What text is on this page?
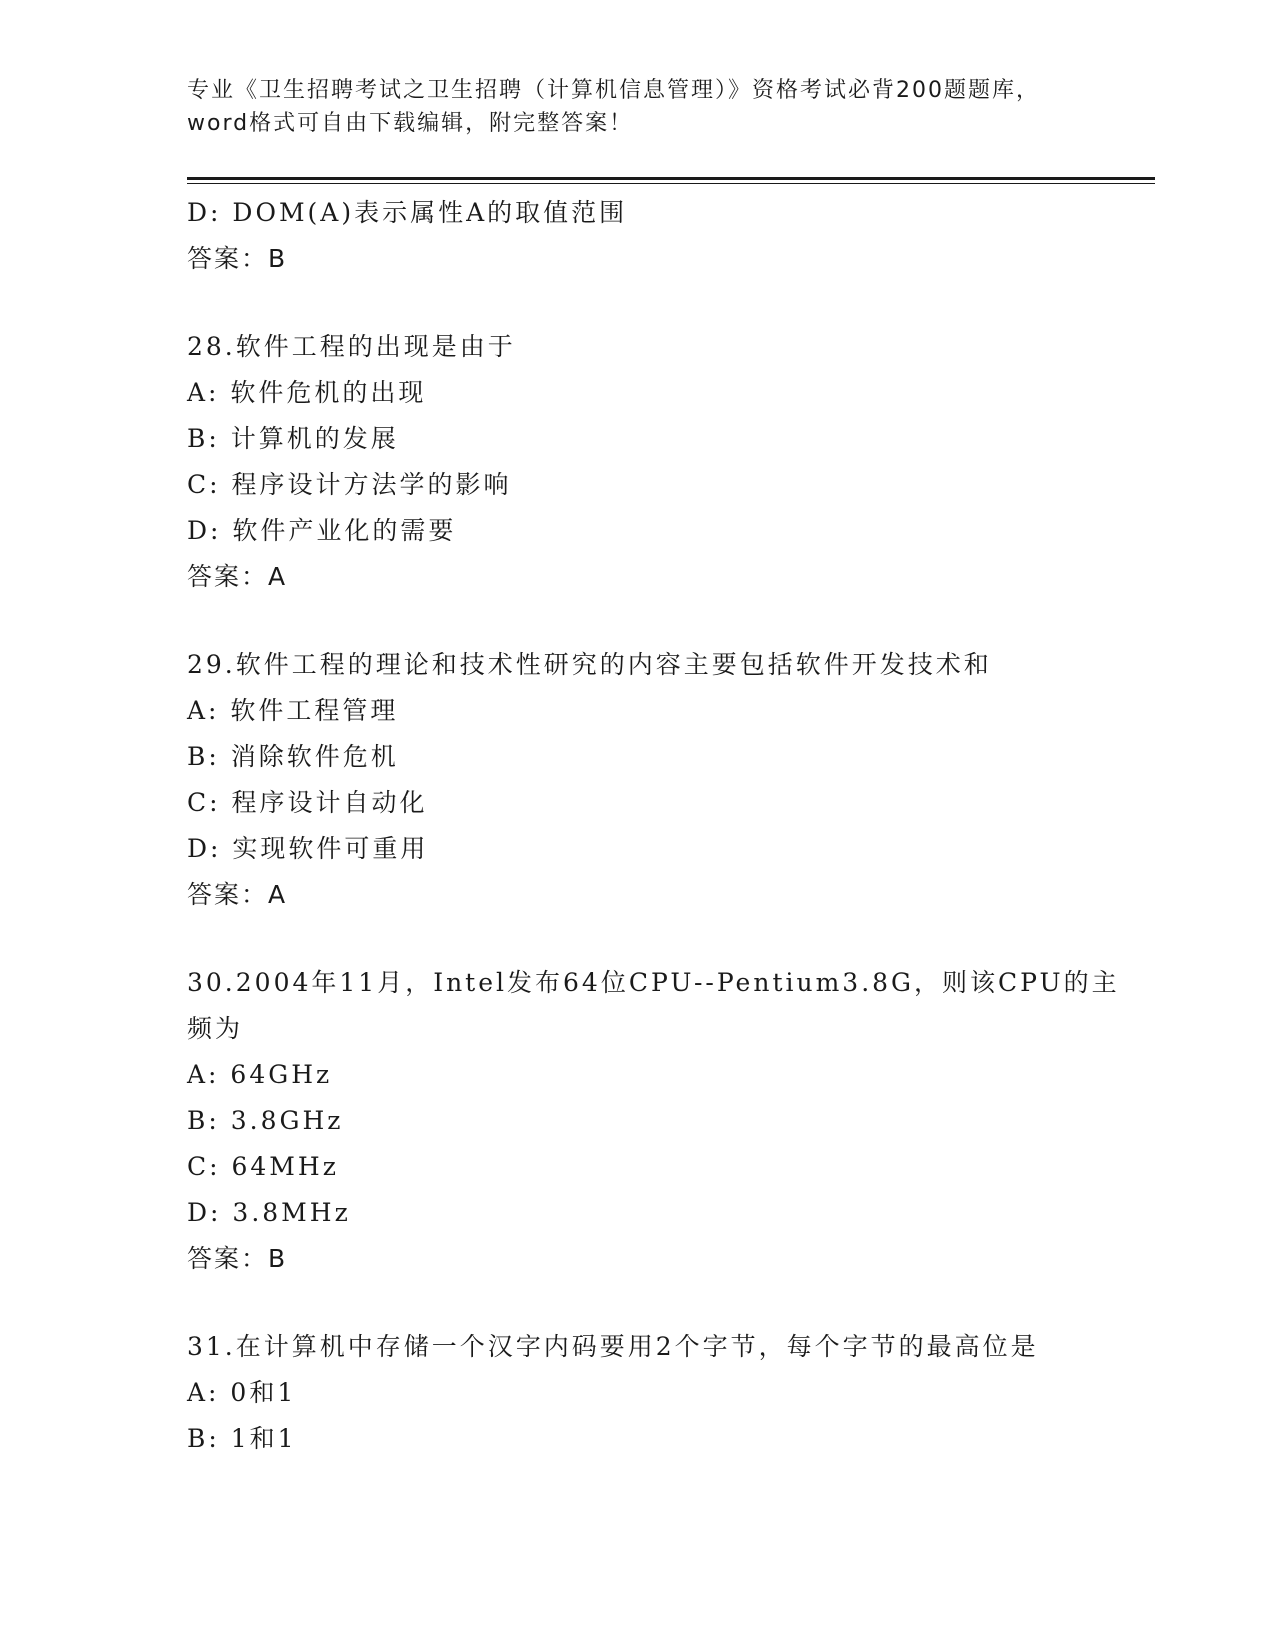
专业《卫生招聘考试之卫生招聘（计算机信息管理）》资格考试必背200题题库，
word格式可自由下载编辑，附完整答案！
D: DOM(A)表示属性A的取值范围
答案：B
28.软件工程的出现是由于
A: 软件危机的出现
B: 计算机的发展
C: 程序设计方法学的影响
D: 软件产业化的需要
答案：A
29.软件工程的理论和技术性研究的内容主要包括软件开发技术和
A: 软件工程管理
B: 消除软件危机
C: 程序设计自动化
D: 实现软件可重用
答案：A
30.2004年11月，Intel发布64位CPU--Pentium3.8G，则该CPU的主
频为
A: 64GHz
B: 3.8GHz
C: 64MHz
D: 3.8MHz
答案：B
31.在计算机中存储一个汉字内码要用2个字节，每个字节的最高位是
A: 0和1
B: 1和1
